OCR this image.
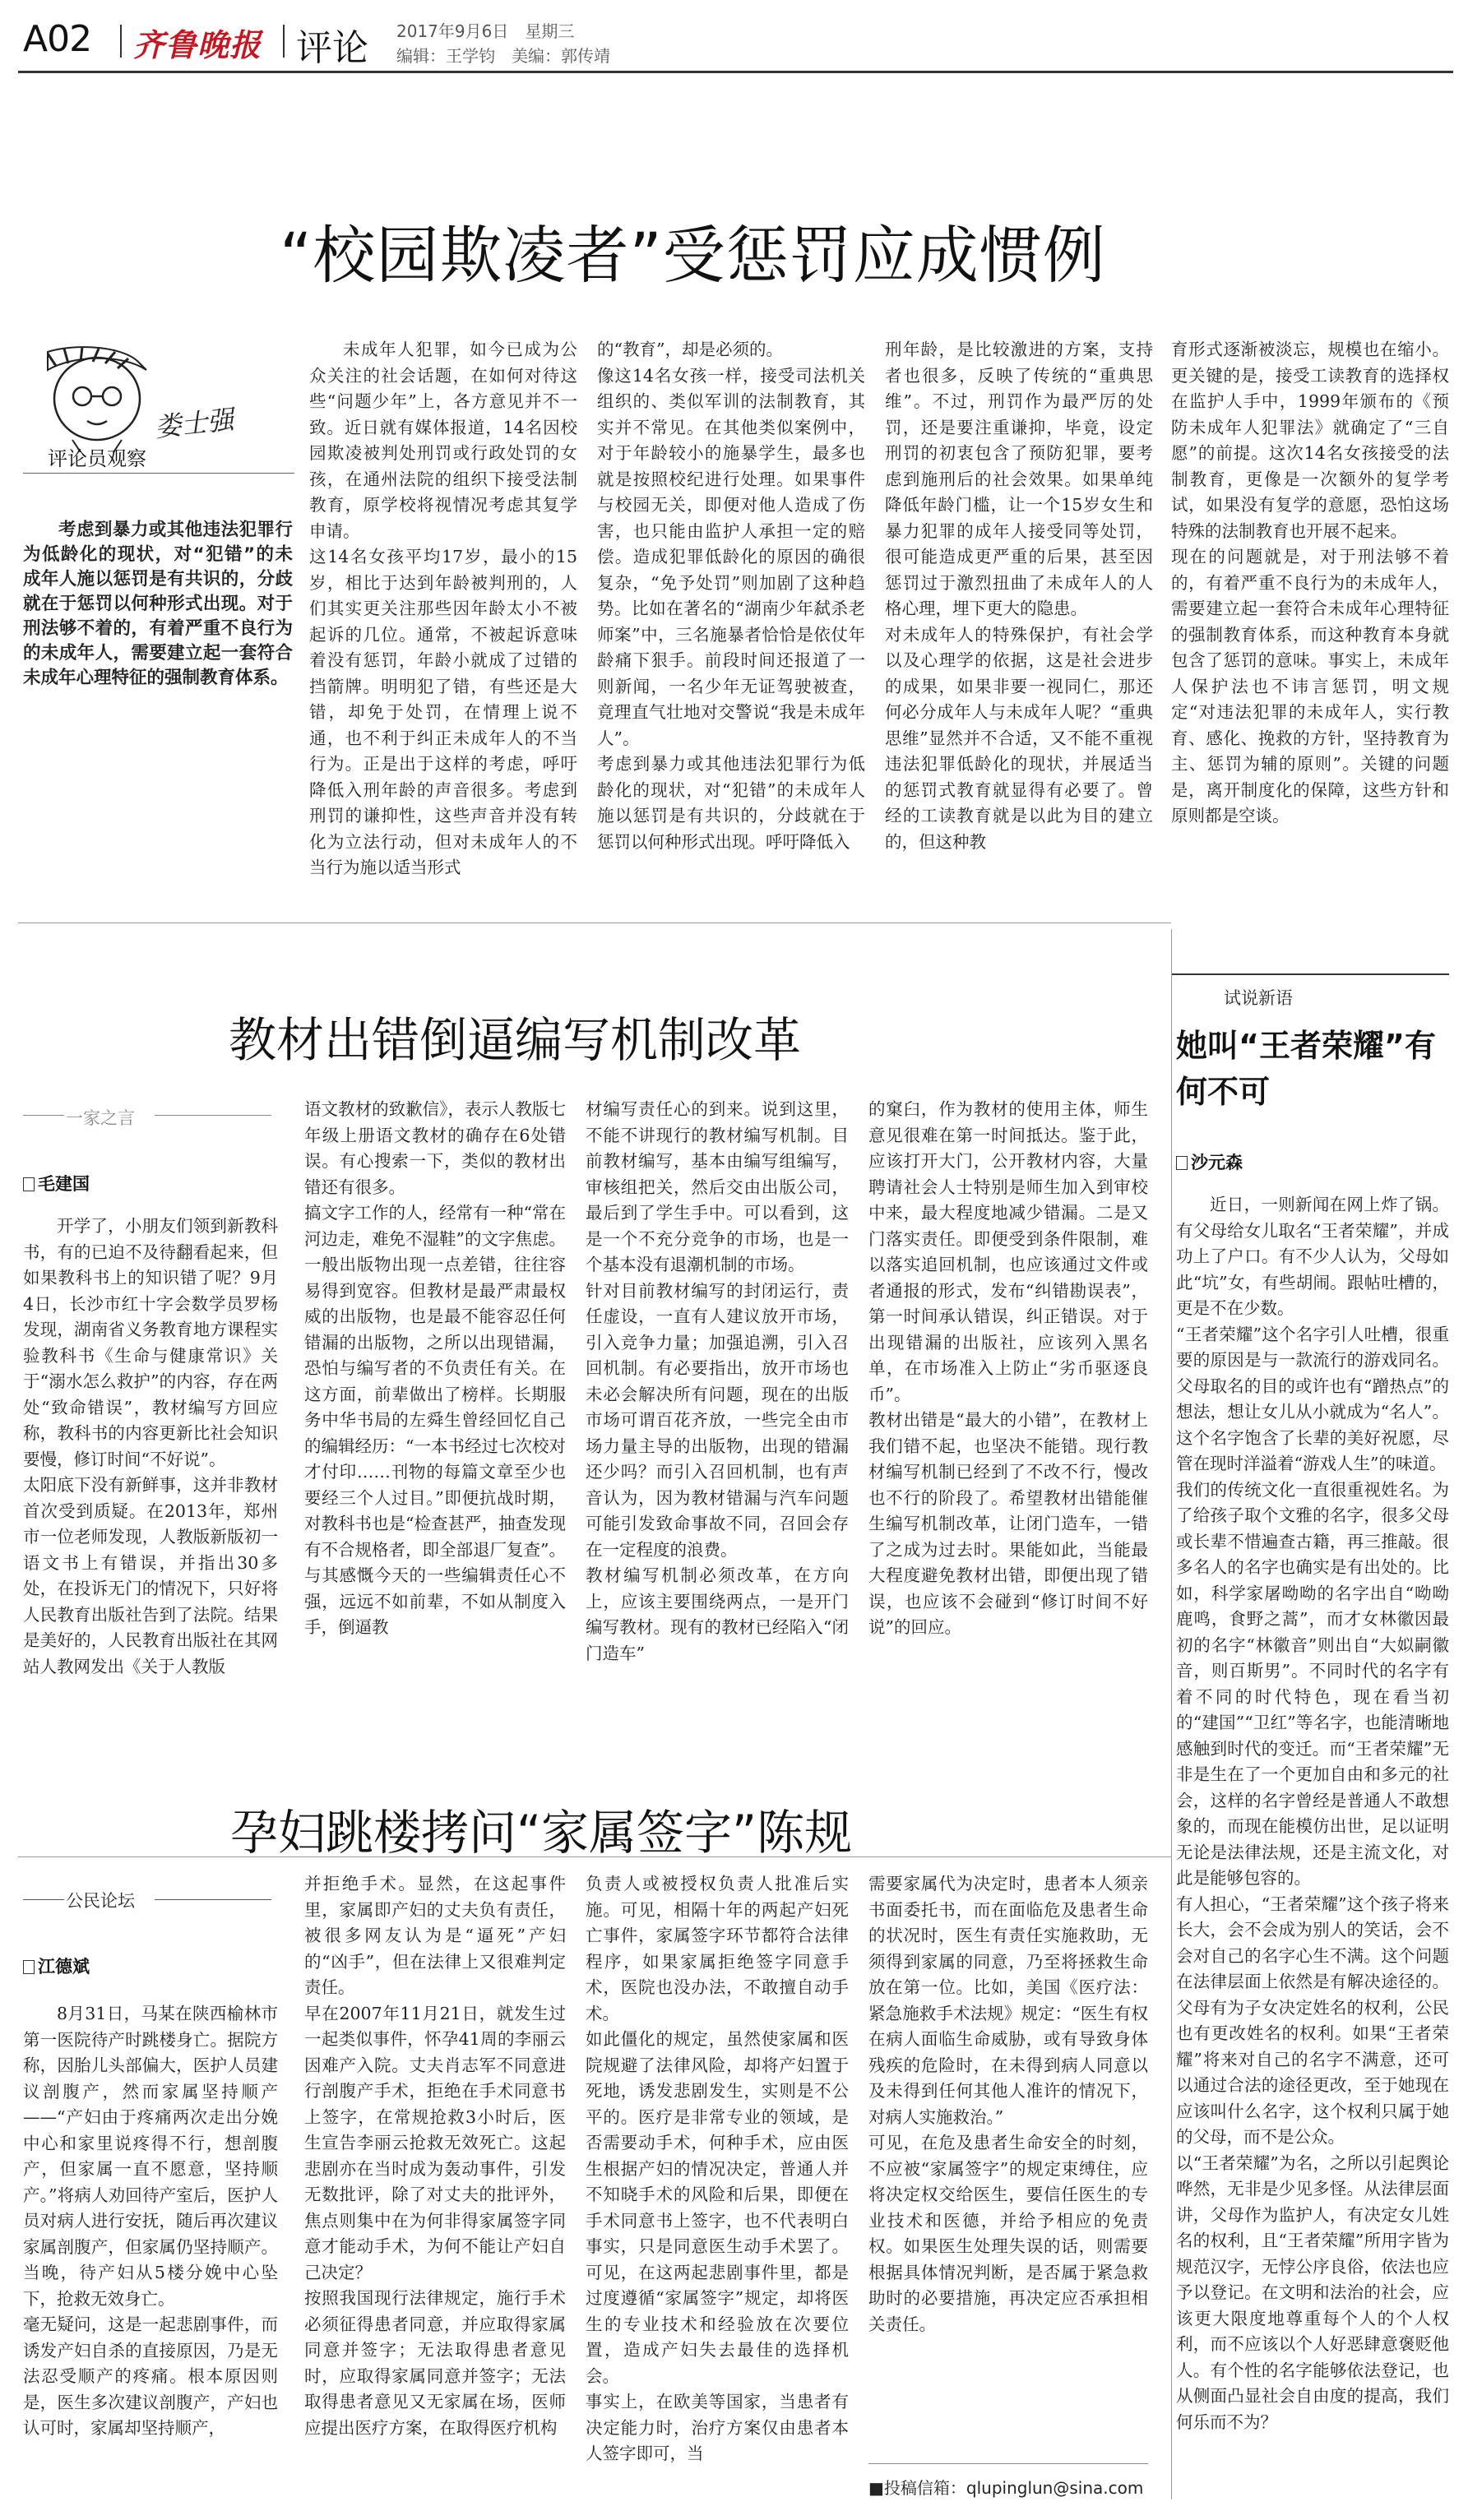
A02 齐鲁晚报 评论 2017年9月6日　星期三
编辑：王学钧　美编：郭传靖
“校园欺凌者”受惩罚应成惯例
娄士强
评论员观察
考虑到暴力或其他违法犯罪行为低龄化的现状，对“犯错”的未成年人施以惩罚是有共识的，分歧就在于惩罚以何种形式出现。对于刑法够不着的，有着严重不良行为的未成年人，需要建立起一套符合未成年心理特征的强制教育体系。
未成年人犯罪，如今已成为公众关注的社会话题，在如何对待这些“问题少年”上，各方意见并不一致。近日就有媒体报道，14名因校园欺凌被判处刑罚或行政处罚的女孩，在通州法院的组织下接受法制教育，原学校将视情况考虑其复学申请。
这14名女孩平均17岁，最小的15岁，相比于达到年龄被判刑的，人们其实更关注那些因年龄太小不被起诉的几位。通常，不被起诉意味着没有惩罚，年龄小就成了过错的挡箭牌。明明犯了错，有些还是大错，却免于处罚，在情理上说不通，也不利于纠正未成年人的不当行为。正是出于这样的考虑，呼吁降低入刑年龄的声音很多。考虑到刑罚的谦抑性，这些声音并没有转化为立法行动，但对未成年人的不当行为施以适当形式
的“教育”，却是必须的。
像这14名女孩一样，接受司法机关组织的、类似军训的法制教育，其实并不常见。在其他类似案例中，对于年龄较小的施暴学生，最多也就是按照校纪进行处理。如果事件与校园无关，即便对他人造成了伤害，也只能由监护人承担一定的赔偿。造成犯罪低龄化的原因的确很复杂，“免予处罚”则加剧了这种趋势。比如在著名的“湖南少年弑杀老师案”中，三名施暴者恰恰是依仗年龄痛下狠手。前段时间还报道了一则新闻，一名少年无证驾驶被查，竟理直气壮地对交警说“我是未成年人”。
考虑到暴力或其他违法犯罪行为低龄化的现状，对“犯错”的未成年人施以惩罚是有共识的，分歧就在于惩罚以何种形式出现。呼吁降低入
刑年龄，是比较激进的方案，支持者也很多，反映了传统的“重典思维”。不过，刑罚作为最严厉的处罚，还是要注重谦抑，毕竟，设定刑罚的初衷包含了预防犯罪，要考虑到施刑后的社会效果。如果单纯降低年龄门槛，让一个15岁女生和暴力犯罪的成年人接受同等处罚，很可能造成更严重的后果，甚至因惩罚过于激烈扭曲了未成年人的人格心理，埋下更大的隐患。
对未成年人的特殊保护，有社会学以及心理学的依据，这是社会进步的成果，如果非要一视同仁，那还何必分成年人与未成年人呢？“重典思维”显然并不合适，又不能不重视违法犯罪低龄化的现状，并展适当的惩罚式教育就显得有必要了。曾经的工读教育就是以此为目的建立的，但这种教
育形式逐渐被淡忘，规模也在缩小。更关键的是，接受工读教育的选择权在监护人手中，1999年颁布的《预防未成年人犯罪法》就确定了“三自愿”的前提。这次14名女孩接受的法制教育，更像是一次额外的复学考试，如果没有复学的意愿，恐怕这场特殊的法制教育也开展不起来。
现在的问题就是，对于刑法够不着的，有着严重不良行为的未成年人，需要建立起一套符合未成年心理特征的强制教育体系，而这种教育本身就包含了惩罚的意味。事实上，未成年人保护法也不讳言惩罚，明文规定“对违法犯罪的未成年人，实行教育、感化、挽救的方针，坚持教育为主、惩罚为辅的原则”。关键的问题是，离开制度化的保障，这些方针和原则都是空谈。
试说新语
她叫“王者荣耀”有何不可
沙元森
近日，一则新闻在网上炸了锅。有父母给女儿取名“王者荣耀”，并成功上了户口。有不少人认为，父母如此“坑”女，有些胡闹。跟帖吐槽的，更是不在少数。
“王者荣耀”这个名字引人吐槽，很重要的原因是与一款流行的游戏同名。父母取名的目的或许也有“蹭热点”的想法，想让女儿从小就成为“名人”。这个名字饱含了长辈的美好祝愿，尽管在现时洋溢着“游戏人生”的味道。
我们的传统文化一直很重视姓名。为了给孩子取个文雅的名字，很多父母或长辈不惜遍查古籍，再三推敲。很多名人的名字也确实是有出处的。比如，科学家屠呦呦的名字出自“呦呦鹿鸣，食野之蒿”，而才女林徽因最初的名字“林徽音”则出自“大姒嗣徽音，则百斯男”。不同时代的名字有着不同的时代特色，现在看当初的“建国”“卫红”等名字，也能清晰地感触到时代的变迁。而“王者荣耀”无非是生在了一个更加自由和多元的社会，这样的名字曾经是普通人不敢想象的，而现在能模仿出世，足以证明无论是法律法规，还是主流文化，对此是能够包容的。
有人担心，“王者荣耀”这个孩子将来长大，会不会成为别人的笑话，会不会对自己的名字心生不满。这个问题在法律层面上依然是有解决途径的。父母有为子女决定姓名的权利，公民也有更改姓名的权利。如果“王者荣耀”将来对自己的名字不满意，还可以通过合法的途径更改，至于她现在应该叫什么名字，这个权利只属于她的父母，而不是公众。
以“王者荣耀”为名，之所以引起舆论哗然，无非是少见多怪。从法律层面讲，父母作为监护人，有决定女儿姓名的权利，且“王者荣耀”所用字皆为规范汉字，无悖公序良俗，依法也应予以登记。在文明和法治的社会，应该更大限度地尊重每个人的个人权利，而不应该以个人好恶肆意褒贬他人。有个性的名字能够依法登记，也从侧面凸显社会自由度的提高，我们何乐而不为？
教材出错倒逼编写机制改革
一家之言
毛建国
开学了，小朋友们领到新教科书，有的已迫不及待翻看起来，但如果教科书上的知识错了呢？9月4日，长沙市红十字会数学员罗杨发现，湖南省义务教育地方课程实验教科书《生命与健康常识》关于“溺水怎么救护”的内容，存在两处“致命错误”，教材编写方回应称，教科书的内容更新比社会知识要慢，修订时间“不好说”。
太阳底下没有新鲜事，这并非教材首次受到质疑。在2013年，郑州市一位老师发现，人教版新版初一语文书上有错误，并指出30多处，在投诉无门的情况下，只好将人民教育出版社告到了法院。结果是美好的，人民教育出版社在其网站人教网发出《关于人教版
语文教材的致歉信》，表示人教版七年级上册语文教材的确存在6处错误。有心搜索一下，类似的教材出错还有很多。
搞文字工作的人，经常有一种“常在河边走，难免不湿鞋”的文字焦虑。一般出版物出现一点差错，往往容易得到宽容。但教材是最严肃最权威的出版物，也是最不能容忍任何错漏的出版物，之所以出现错漏，恐怕与编写者的不负责任有关。在这方面，前辈做出了榜样。长期服务中华书局的左舜生曾经回忆自己的编辑经历：“一本书经过七次校对才付印……刊物的每篇文章至少也要经三个人过目。”即便抗战时期，对教科书也是“检查甚严，抽查发现有不合规格者，即全部退厂复查”。
与其感慨今天的一些编辑责任心不强，远远不如前辈，不如从制度入手，倒逼教
材编写责任心的到来。说到这里，不能不讲现行的教材编写机制。目前教材编写，基本由编写组编写，审核组把关，然后交由出版公司，最后到了学生手中。可以看到，这是一个不充分竞争的市场，也是一个基本没有退潮机制的市场。
针对目前教材编写的封闭运行，责任虚设，一直有人建议放开市场，引入竞争力量；加强追溯，引入召回机制。有必要指出，放开市场也未必会解决所有问题，现在的出版市场可谓百花齐放，一些完全由市场力量主导的出版物，出现的错漏还少吗？而引入召回机制，也有声音认为，因为教材错漏与汽车问题可能引发致命事故不同，召回会存在一定程度的浪费。
教材编写机制必须改革，在方向上，应该主要围绕两点，一是开门编写教材。现有的教材已经陷入“闭门造车”
的窠臼，作为教材的使用主体，师生意见很难在第一时间抵达。鉴于此，应该打开大门，公开教材内容，大量聘请社会人士特别是师生加入到审校中来，最大程度地减少错漏。二是又门落实责任。即便受到条件限制，难以落实追回机制，也应该通过文件或者通报的形式，发布“纠错勘误表”，第一时间承认错误，纠正错误。对于出现错漏的出版社，应该列入黑名单，在市场准入上防止“劣币驱逐良币”。
教材出错是“最大的小错”，在教材上我们错不起，也坚决不能错。现行教材编写机制已经到了不改不行，慢改也不行的阶段了。希望教材出错能催生编写机制改革，让闭门造车，一错了之成为过去时。果能如此，当能最大程度避免教材出错，即便出现了错误，也应该不会碰到“修订时间不好说”的回应。
孕妇跳楼拷问“家属签字”陈规
公民论坛
江德斌
8月31日，马某在陕西榆林市第一医院待产时跳楼身亡。据院方称，因胎儿头部偏大，医护人员建议剖腹产，然而家属坚持顺产——“产妇由于疼痛两次走出分娩中心和家里说疼得不行，想剖腹产，但家属一直不愿意，坚持顺产。”将病人劝回待产室后，医护人员对病人进行安抚，随后再次建议家属剖腹产，但家属仍坚持顺产。当晚，待产妇从5楼分娩中心坠下，抢救无效身亡。
毫无疑问，这是一起悲剧事件，而诱发产妇自杀的直接原因，乃是无法忍受顺产的疼痛。根本原因则是，医生多次建议剖腹产，产妇也认可时，家属却坚持顺产，
并拒绝手术。显然，在这起事件里，家属即产妇的丈夫负有责任，被很多网友认为是“逼死”产妇的“凶手”，但在法律上又很难判定责任。
早在2007年11月21日，就发生过一起类似事件，怀孕41周的李丽云因难产入院。丈夫肖志军不同意进行剖腹产手术，拒绝在手术同意书上签字，在常规抢救3小时后，医生宣告李丽云抢救无效死亡。这起悲剧亦在当时成为轰动事件，引发无数批评，除了对丈夫的批评外，焦点则集中在为何非得家属签字同意才能动手术，为何不能让产妇自己决定？
按照我国现行法律规定，施行手术必须征得患者同意，并应取得家属同意并签字；无法取得患者意见时，应取得家属同意并签字；无法取得患者意见又无家属在场，医师应提出医疗方案，在取得医疗机构
负责人或被授权负责人批准后实施。可见，相隔十年的两起产妇死亡事件，家属签字环节都符合法律程序，如果家属拒绝签字同意手术，医院也没办法，不敢擅自动手术。
如此僵化的规定，虽然使家属和医院规避了法律风险，却将产妇置于死地，诱发悲剧发生，实则是不公平的。医疗是非常专业的领域，是否需要动手术，何种手术，应由医生根据产妇的情况决定，普通人并不知晓手术的风险和后果，即便在手术同意书上签字，也不代表明白事实，只是同意医生动手术罢了。可见，在这两起悲剧事件里，都是过度遵循“家属签字”规定，却将医生的专业技术和经验放在次要位置，造成产妇失去最佳的选择机会。
事实上，在欧美等国家，当患者有决定能力时，治疗方案仅由患者本人签字即可，当
需要家属代为决定时，患者本人须亲书面委托书，而在面临危及患者生命的状况时，医生有责任实施救助，无须得到家属的同意，乃至将拯救生命放在第一位。比如，美国《医疗法：紧急施救手术法规》规定：“医生有权在病人面临生命威胁，或有导致身体残疾的危险时，在未得到病人同意以及未得到任何其他人准许的情况下，对病人实施救治。”
可见，在危及患者生命安全的时刻，不应被“家属签字”的规定束缚住，应将决定权交给医生，要信任医生的专业技术和医德，并给予相应的免责权。如果医生处理失误的话，则需要根据具体情况判断，是否属于紧急救助时的必要措施，再决定应否承担相关责任。
■投稿信箱：qlupinglun@sina.com
